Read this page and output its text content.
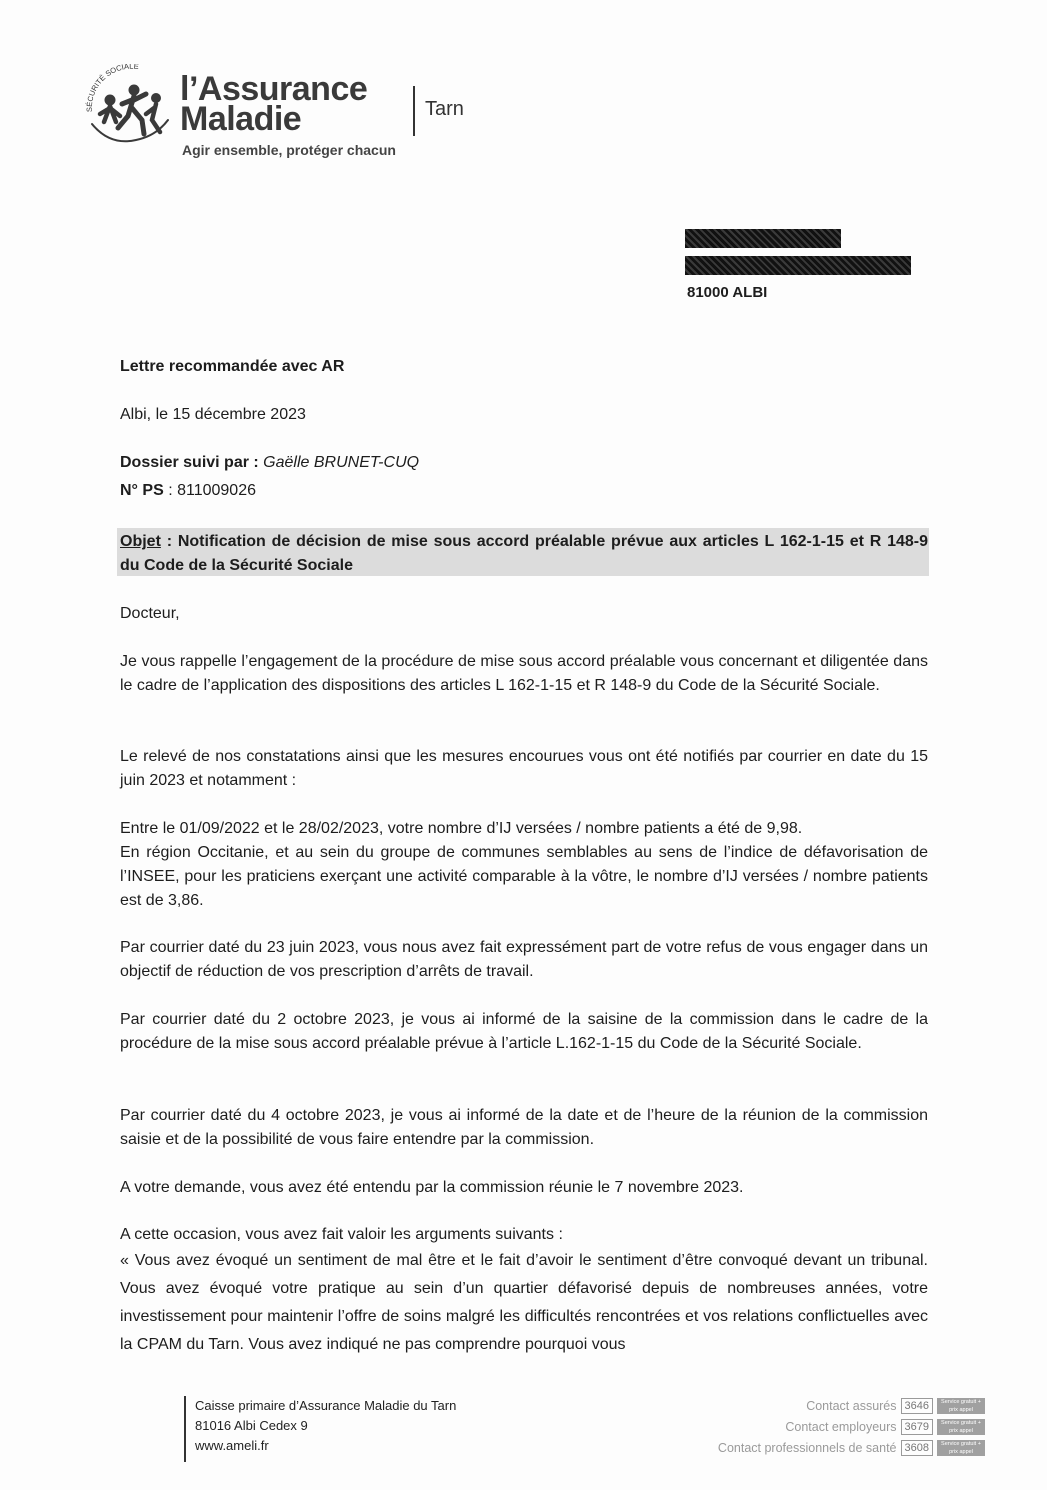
SÉCURITÉ SOCIALE
l’Assurance
Maladie
Agir ensemble, protéger chacun
Tarn
81000 ALBI
Lettre recommandée avec AR
Albi, le 15 décembre 2023
Dossier suivi par : Gaëlle BRUNET-CUQ
N° PS : 811009026
Objet : Notification de décision de mise sous accord préalable prévue aux articles L 162-1-15 et R 148-9 du Code de la Sécurité Sociale
Docteur,
Je vous rappelle l’engagement de la procédure de mise sous accord préalable vous concernant et diligentée dans le cadre de l’application des dispositions des articles L 162-1-15 et R 148-9 du Code de la Sécurité Sociale.
Le relevé de nos constatations ainsi que les mesures encourues vous ont été notifiés par courrier en date du 15 juin 2023 et notamment :
Entre le 01/09/2022 et le 28/02/2023, votre nombre d’IJ versées / nombre patients a été de 9,98.
En région Occitanie, et au sein du groupe de communes semblables au sens de l’indice de défavorisation de l’INSEE, pour les praticiens exerçant une activité comparable à la vôtre, le nombre d’IJ versées / nombre patients est de 3,86.
Par courrier daté du 23 juin 2023, vous nous avez fait expressément part de votre refus de vous engager dans un objectif de réduction de vos prescription d’arrêts de travail.
Par courrier daté du 2 octobre 2023, je vous ai informé de la saisine de la commission dans le cadre de la procédure de la mise sous accord préalable prévue à l’article L.162-1-15 du Code de la Sécurité Sociale.
Par courrier daté du 4 octobre 2023, je vous ai informé de la date et de l’heure de la réunion de la commission saisie et de la possibilité de vous faire entendre par la commission.
A votre demande, vous avez été entendu par la commission réunie le 7 novembre 2023.
A cette occasion, vous avez fait valoir les arguments suivants :
« Vous avez évoqué un sentiment de mal être et le fait d’avoir le sentiment d’être convoqué devant un tribunal. Vous avez évoqué votre pratique au sein d’un quartier défavorisé depuis de nombreuses années, votre investissement pour maintenir l’offre de soins malgré les difficultés rencontrées et vos relations conflictuelles avec la CPAM du Tarn. Vous avez indiqué ne pas comprendre pourquoi vous
Caisse primaire d’Assurance Maladie du Tarn
81016 Albi Cedex 9
www.ameli.fr
Contact assurés 3646	Service gratuit + prix appel
Contact employeurs 3679	Service gratuit + prix appel
Contact professionnels de santé 3608	Service gratuit + prix appel
